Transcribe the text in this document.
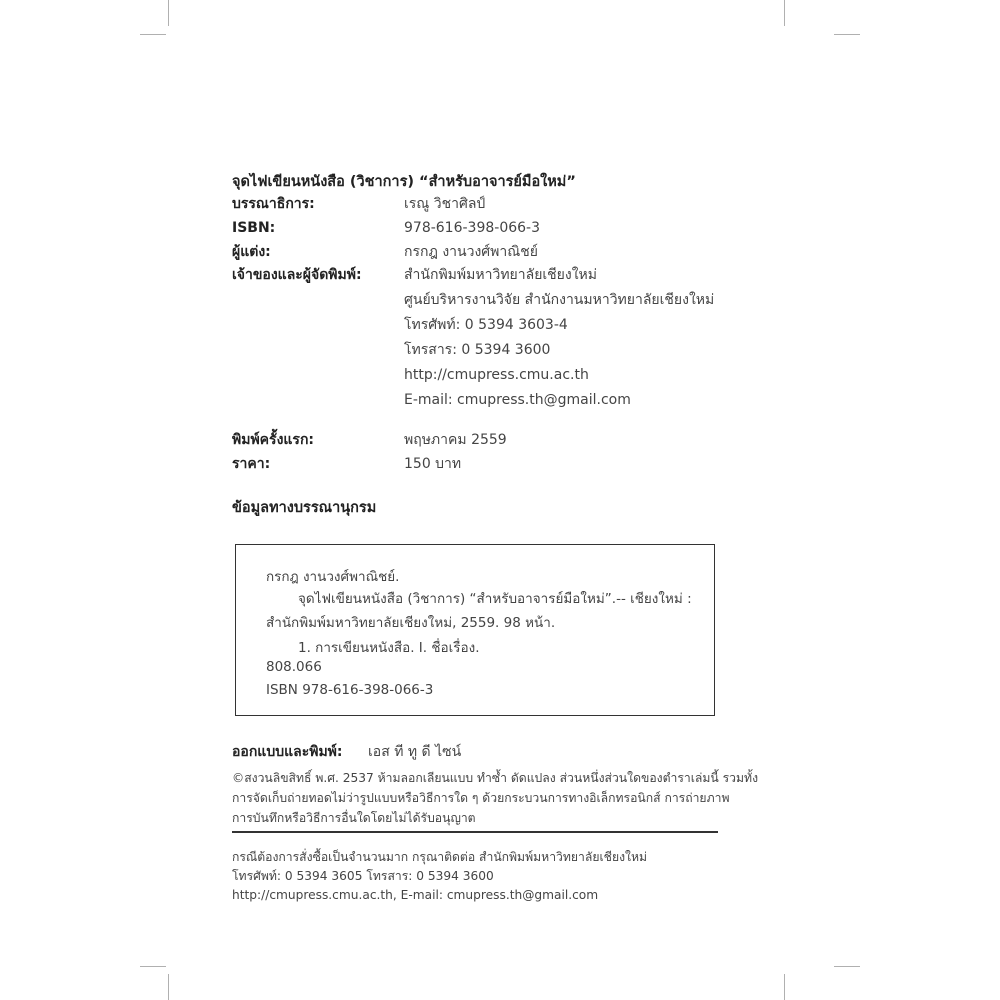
จุดไฟเขียนหนังสือ (วิชาการ) “สำหรับอาจารย์มือใหม่”
บรรณาธิการ:	เรณู วิชาศิลป์
ISBN:	978-616-398-066-3
ผู้แต่ง:	กรกฎ งานวงศ์พาณิชย์
เจ้าของและผู้จัดพิมพ์:	สำนักพิมพ์มหาวิทยาลัยเชียงใหม่
ศูนย์บริหารงานวิจัย สำนักงานมหาวิทยาลัยเชียงใหม่
โทรศัพท์: 0 5394 3603-4
โทรสาร: 0 5394 3600
http://cmupress.cmu.ac.th
E-mail: cmupress.th@gmail.com
พิมพ์ครั้งแรก:	พฤษภาคม 2559
ราคา:	150 บาท
ข้อมูลทางบรรณานุกรม
กรกฎ งานวงศ์พาณิชย์.
จุดไฟเขียนหนังสือ (วิชาการ) “สำหรับอาจารย์มือใหม่”.-- เชียงใหม่ :
สำนักพิมพ์มหาวิทยาลัยเชียงใหม่, 2559. 98 หน้า.
1. การเขียนหนังสือ. I. ชื่อเรื่อง.
808.066
ISBN 978-616-398-066-3
ออกแบบและพิมพ์: เอส ที ทู ดี ไซน์
©สงวนลิขสิทธิ์ พ.ศ. 2537 ห้ามลอกเลียนแบบ ทำซ้ำ ดัดแปลง ส่วนหนึ่งส่วนใดของตำราเล่มนี้ รวมทั้ง
การจัดเก็บถ่ายทอดไม่ว่ารูปแบบหรือวิธีการใด ๆ ด้วยกระบวนการทางอิเล็กทรอนิกส์ การถ่ายภาพ
การบันทึกหรือวิธีการอื่นใดโดยไม่ได้รับอนุญาต
กรณีต้องการสั่งซื้อเป็นจำนวนมาก กรุณาติดต่อ สำนักพิมพ์มหาวิทยาลัยเชียงใหม่
โทรศัพท์: 0 5394 3605 โทรสาร: 0 5394 3600
http://cmupress.cmu.ac.th, E-mail: cmupress.th@gmail.com
